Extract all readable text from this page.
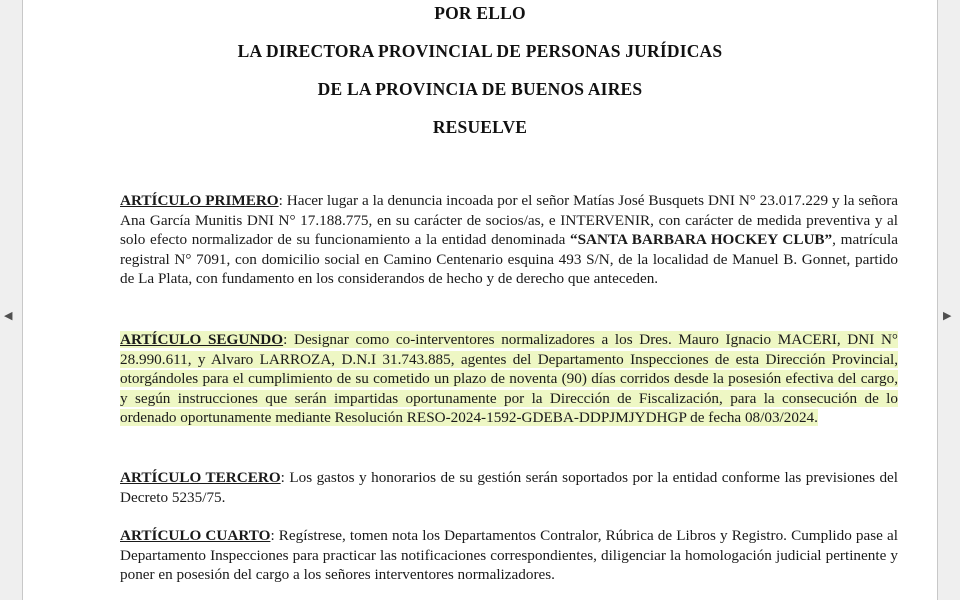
◀	▶
POR ELLO
LA DIRECTORA PROVINCIAL DE PERSONAS JURÍDICAS
DE LA PROVINCIA DE BUENOS AIRES
RESUELVE
ARTÍCULO PRIMERO: Hacer lugar a la denuncia incoada por el señor Matías José Busquets DNI N° 23.017.229 y la señora Ana García Munitis DNI N° 17.188.775, en su carácter de socios/as, e INTERVENIR, con carácter de medida preventiva y al solo efecto normalizador de su funcionamiento a la entidad denominada “SANTA BARBARA HOCKEY CLUB”, matrícula registral N° 7091, con domicilio social en Camino Centenario esquina 493 S/N, de la localidad de Manuel B. Gonnet, partido de La Plata, con fundamento en los considerandos de hecho y de derecho que anteceden.
ARTÍCULO SEGUNDO: Designar como co-interventores normalizadores a los Dres. Mauro Ignacio MACERI, DNI N° 28.990.611, y Alvaro LARROZA, D.N.I 31.743.885, agentes del Departamento Inspecciones de esta Dirección Provincial, otorgándoles para el cumplimiento de su cometido un plazo de noventa (90) días corridos desde la posesión efectiva del cargo, y según instrucciones que serán impartidas oportunamente por la Dirección de Fiscalización, para la consecución de lo ordenado oportunamente mediante Resolución RESO-2024-1592-GDEBA-DDPJMJYDHGP de fecha 08/03/2024.
ARTÍCULO TERCERO: Los gastos y honorarios de su gestión serán soportados por la entidad conforme las previsiones del Decreto 5235/75.
ARTÍCULO CUARTO: Regístrese, tomen nota los Departamentos Contralor, Rúbrica de Libros y Registro. Cumplido pase al Departamento Inspecciones para practicar las notificaciones correspondientes, diligenciar la homologación judicial pertinente y poner en posesión del cargo a los señores interventores normalizadores.
